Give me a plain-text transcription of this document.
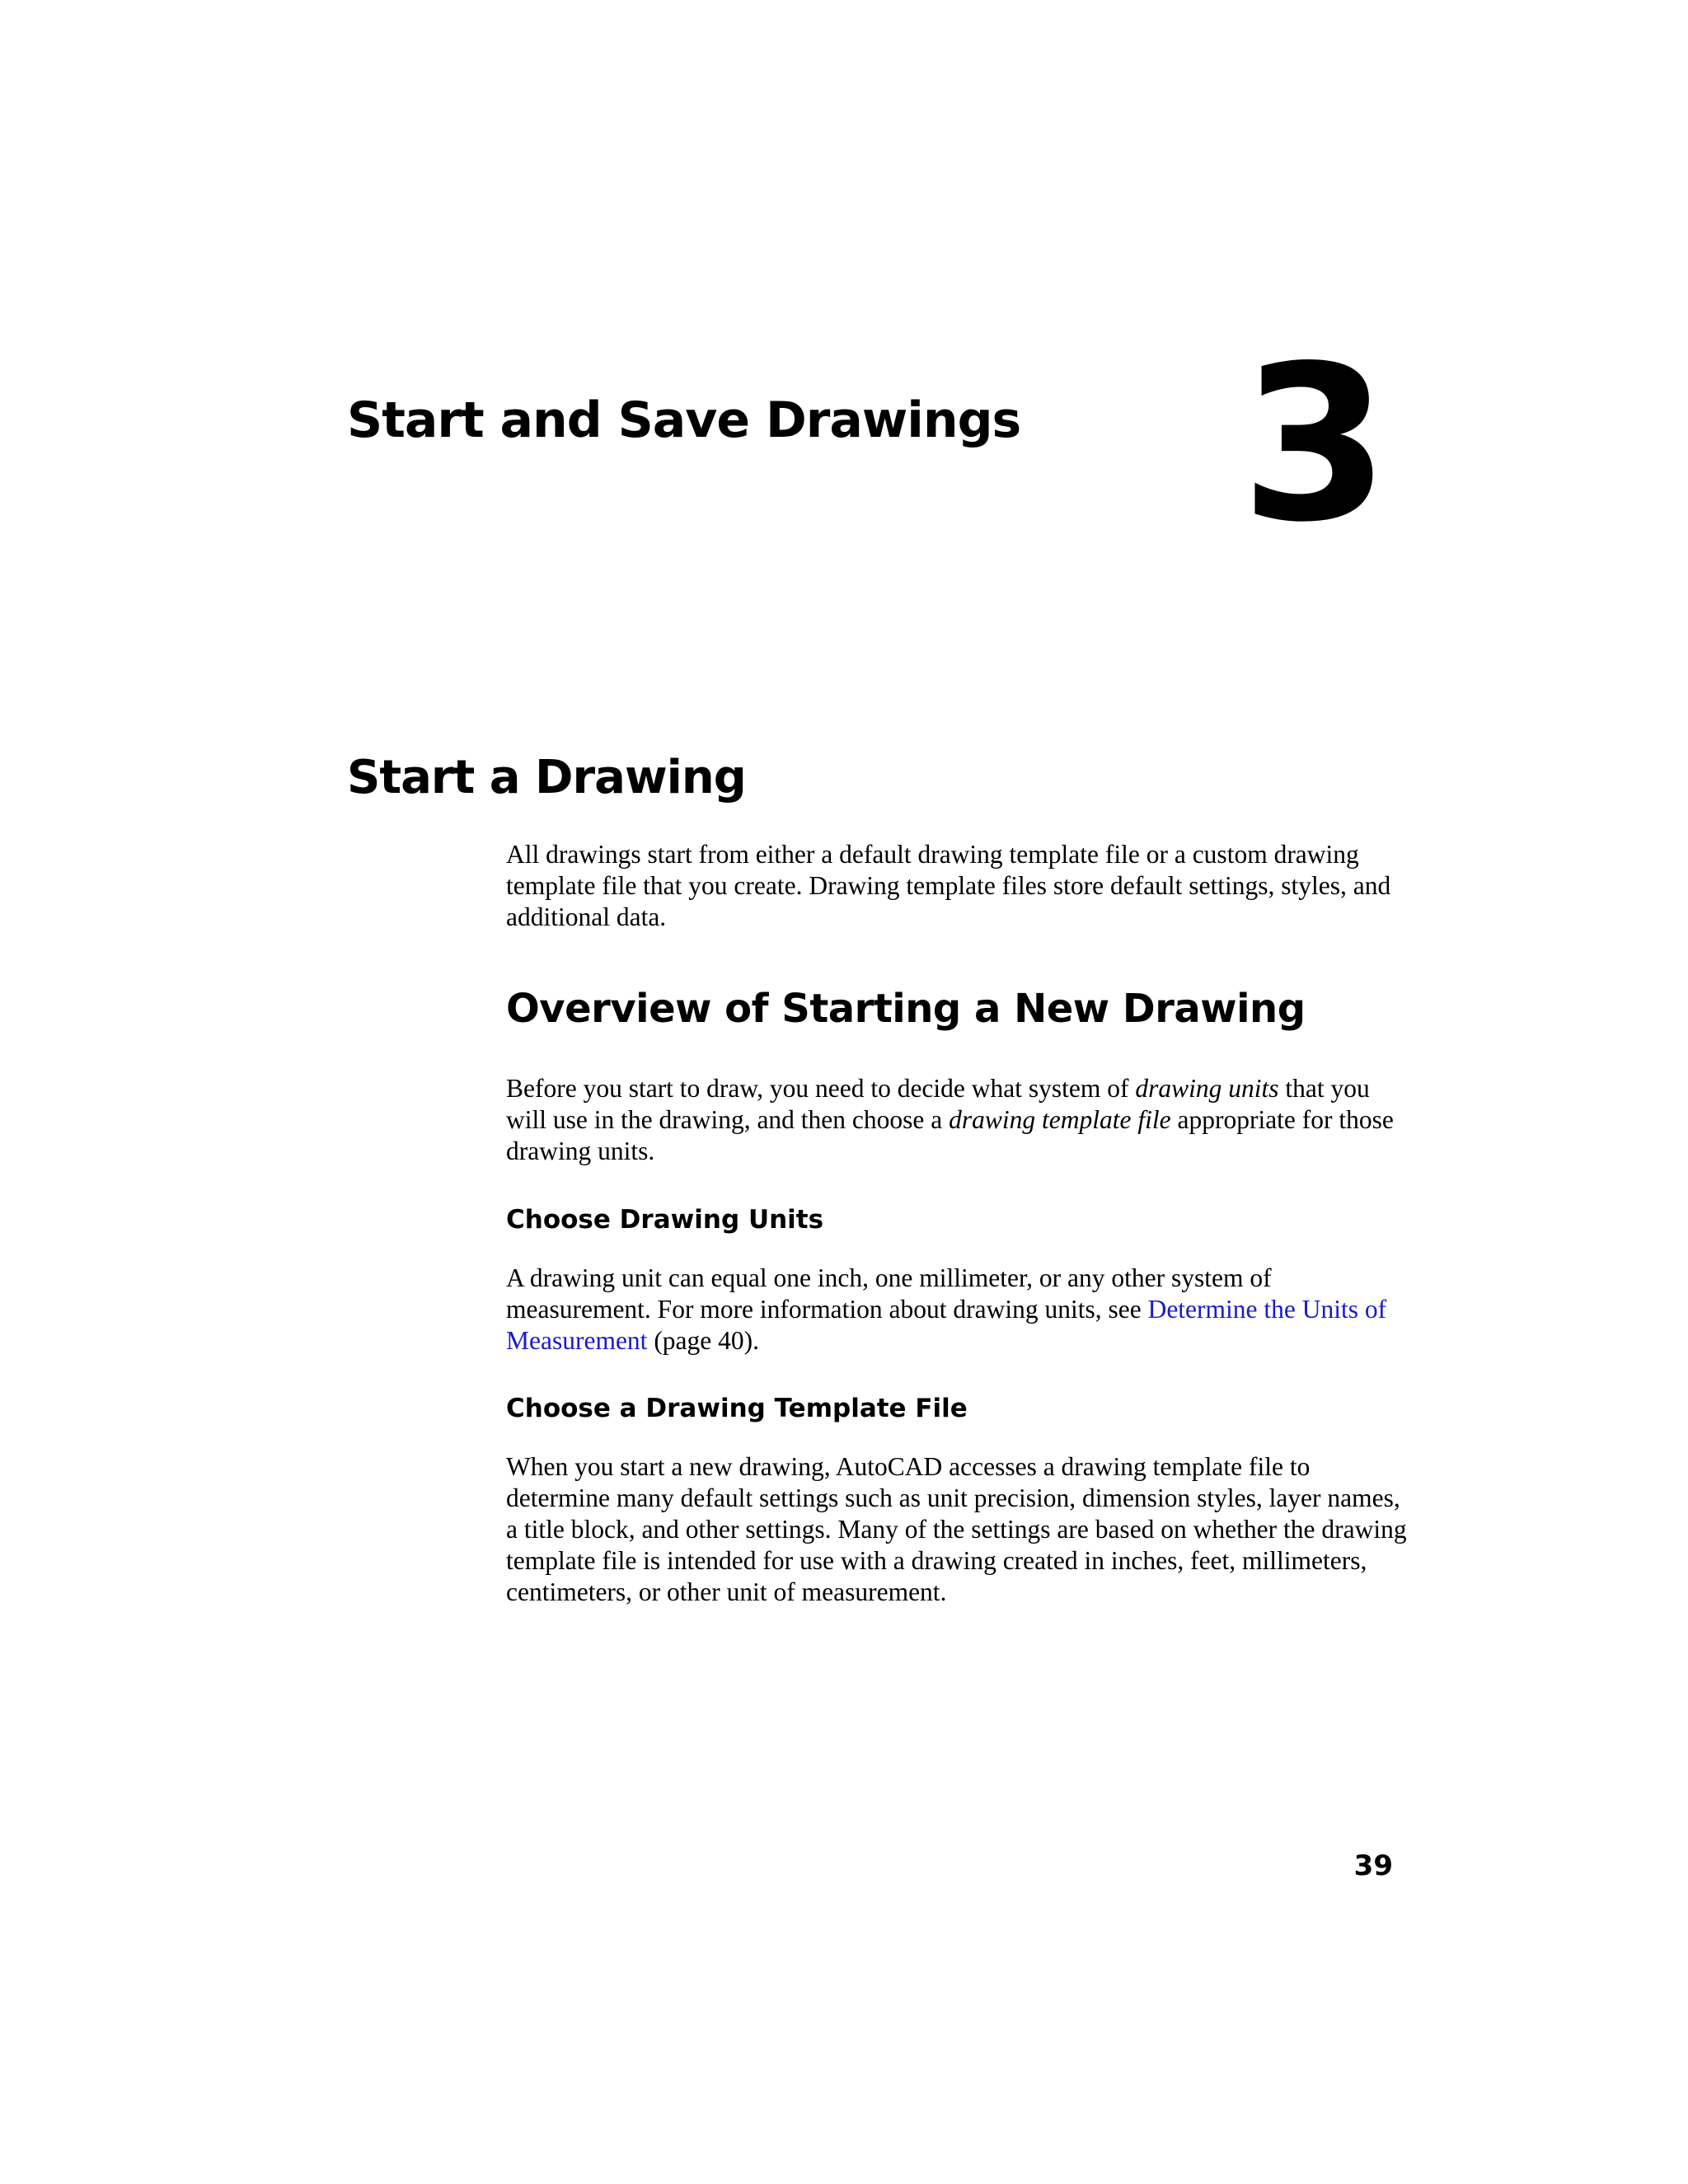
Start and Save Drawings 3
Start a Drawing

All drawings start from either a default drawing template file or a custom drawing template file that you create. Drawing template files store default settings, styles, and additional data.

Overview of Starting a New Drawing

Before you start to draw, you need to decide what system of drawing units that you will use in the drawing, and then choose a drawing template file appropriate for those drawing units.

Choose Drawing Units

A drawing unit can equal one inch, one millimeter, or any other system of measurement. For more information about drawing units, see Determine the Units of Measurement (page 40).

Choose a Drawing Template File

When you start a new drawing, AutoCAD accesses a drawing template file to determine many default settings such as unit precision, dimension styles, layer names, a title block, and other settings. Many of the settings are based on whether the drawing template file is intended for use with a drawing created in inches, feet, millimeters, centimeters, or other unit of measurement.

39
